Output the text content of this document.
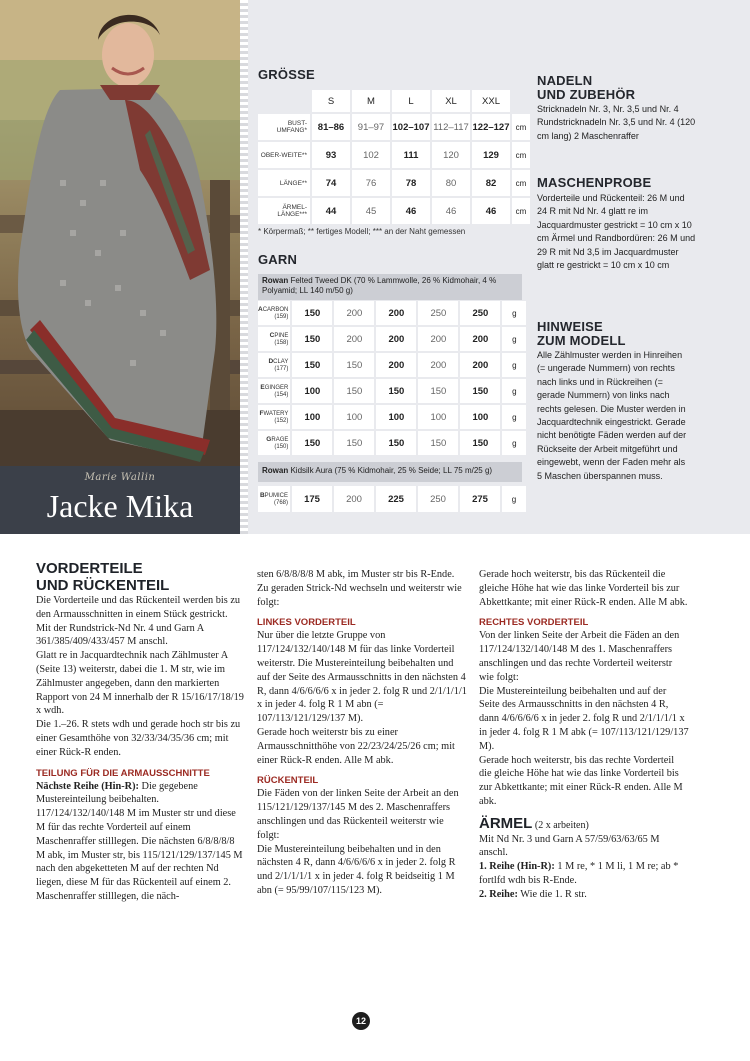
Marie Wallin
Jacke Mika
GRÖSSE
	S	M	L	XL	XXL	
BUST-UMFANG*	81–86	91–97	102–107	112–117	122–127	cm
OBER-WEITE**	93	102	111	120	129	cm
LÄNGE**	74	76	78	80	82	cm
ÄRMEL-LÄNGE***	44	45	46	46	46	cm
* Körpermaß; ** fertiges Modell; *** an der Naht gemessen
GARN
Rowan Felted Tweed DK (70 % Lammwolle, 26 % Kidmohair, 4 % Polyamid; LL 140 m/50 g)
ACARBON
(159)	150	200	200	250	250	g
CPINE
(158)	150	200	200	200	200	g
DCLAY
(177)	150	150	200	200	200	g
EGINGER
(154)	100	150	150	150	150	g
FWATERY
(152)	100	100	100	100	100	g
GRAGE
(150)	150	150	150	150	150	g
Rowan Kidsilk Aura (75 % Kidmohair, 25 % Seide; LL 75 m/25 g)
BPUMICE
(768)	175	200	225	250	275	g
NADELN
UND ZUBEHÖR
Stricknadeln Nr. 3, Nr. 3,5 und Nr. 4 Rundstricknadeln Nr. 3,5 und Nr. 4 (120 cm lang) 2 Maschenraffer
MASCHENPROBE
Vorderteile und Rückenteil: 26 M und 24 R mit Nd Nr. 4 glatt re im Jacquardmuster gestrickt = 10 cm x 10 cm Ärmel und Randbordüren: 26 M und 29 R mit Nd 3,5 im Jacquardmuster glatt re gestrickt = 10 cm x 10 cm
HINWEISE
ZUM MODELL
Alle Zählmuster werden in Hinreihen (= ungerade Nummern) von rechts nach links und in Rückreihen (= gerade Nummern) von links nach rechts gelesen. Die Muster werden in Jacquardtechnik eingestrickt. Gerade nicht benötigte Fäden werden auf der Rückseite der Arbeit mitgeführt und eingewebt, wenn der Faden mehr als 5 Maschen überspannen muss.
VORDERTEILE
UND RÜCKENTEIL

Die Vorderteile und das Rückenteil werden bis zu den Armausschnitten in einem Stück gestrickt.

Mit der Rundstrick-Nd Nr. 4 und Garn A 361/385/409/433/457 M anschl.

Glatt re in Jacquardtechnik nach Zählmuster A (Seite 13) weiterstr, dabei die 1. M str, wie im Zählmuster angegeben, dann den markierten Rapport von 24 M innerhalb der R 15/16/17/18/19 x wdh.

Die 1.–26. R stets wdh und gerade hoch str bis zu einer Gesamthöhe von 32/33/34/35/36 cm; mit einer Rück-R enden.

TEILUNG FÜR DIE ARMAUSSCHNITTE

Nächste Reihe (Hin-R): Die gegebene Mustereinteilung beibehalten. 117/124/132/140/148 M im Muster str und diese M für das rechte Vorderteil auf einem Maschenraffer stilllegen. Die nächsten 6/8/8/8/8 M abk, im Muster str, bis 115/121/129/137/145 M nach den abgeketteten M auf der rechten Nd liegen, diese M für das Rückenteil auf einem 2. Maschenraffer stilllegen, die näch-

sten 6/8/8/8/8 M abk, im Muster str bis R-Ende.

Zu geraden Strick-Nd wechseln und weiterstr wie folgt:

LINKES VORDERTEIL

Nur über die letzte Gruppe von 117/124/132/140/148 M für das linke Vorderteil weiterstr. Die Mustereinteilung beibehalten und auf der Seite des Armausschnitts in den nächsten 4 R, dann 4/6/6/6/6 x in jeder 2. folg R und 2/1/1/1/1 x in jeder 4. folg R 1 M abn (= 107/113/121/129/137 M).

Gerade hoch weiterstr bis zu einer Armausschnitthöhe von 22/23/24/25/26 cm; mit einer Rück-R enden. Alle M abk.

RÜCKENTEIL

Die Fäden von der linken Seite der Arbeit an den 115/121/129/137/145 M des 2. Maschenraffers anschlingen und das Rückenteil weiterstr wie folgt:

Die Mustereinteilung beibehalten und in den nächsten 4 R, dann 4/6/6/6/6 x in jeder 2. folg R und 2/1/1/1/1 x in jeder 4. folg R beidseitig 1 M abn (= 95/99/107/115/123 M).

Gerade hoch weiterstr, bis das Rückenteil die gleiche Höhe hat wie das linke Vorderteil bis zur Abkettkante; mit einer Rück-R enden. Alle M abk.

RECHTES VORDERTEIL

Von der linken Seite der Arbeit die Fäden an den 117/124/132/140/148 M des 1. Maschenraffers anschlingen und das rechte Vorderteil weiterstr wie folgt:

Die Mustereinteilung beibehalten und auf der Seite des Armausschnitts in den nächsten 4 R, dann 4/6/6/6/6 x in jeder 2. folg R und 2/1/1/1/1 x in jeder 4. folg R 1 M abk (= 107/113/121/129/137 M).

Gerade hoch weiterstr, bis das rechte Vorderteil die gleiche Höhe hat wie das linke Vorderteil bis zur Abkettkante; mit einer Rück-R enden. Alle M abk.

ÄRMEL (2 x arbeiten)

Mit Nd Nr. 3 und Garn A 57/59/63/63/65 M anschl.

1. Reihe (Hin-R): 1 M re, * 1 M li, 1 M re; ab * fortlfd wdh bis R-Ende.

2. Reihe: Wie die 1. R str.

12
